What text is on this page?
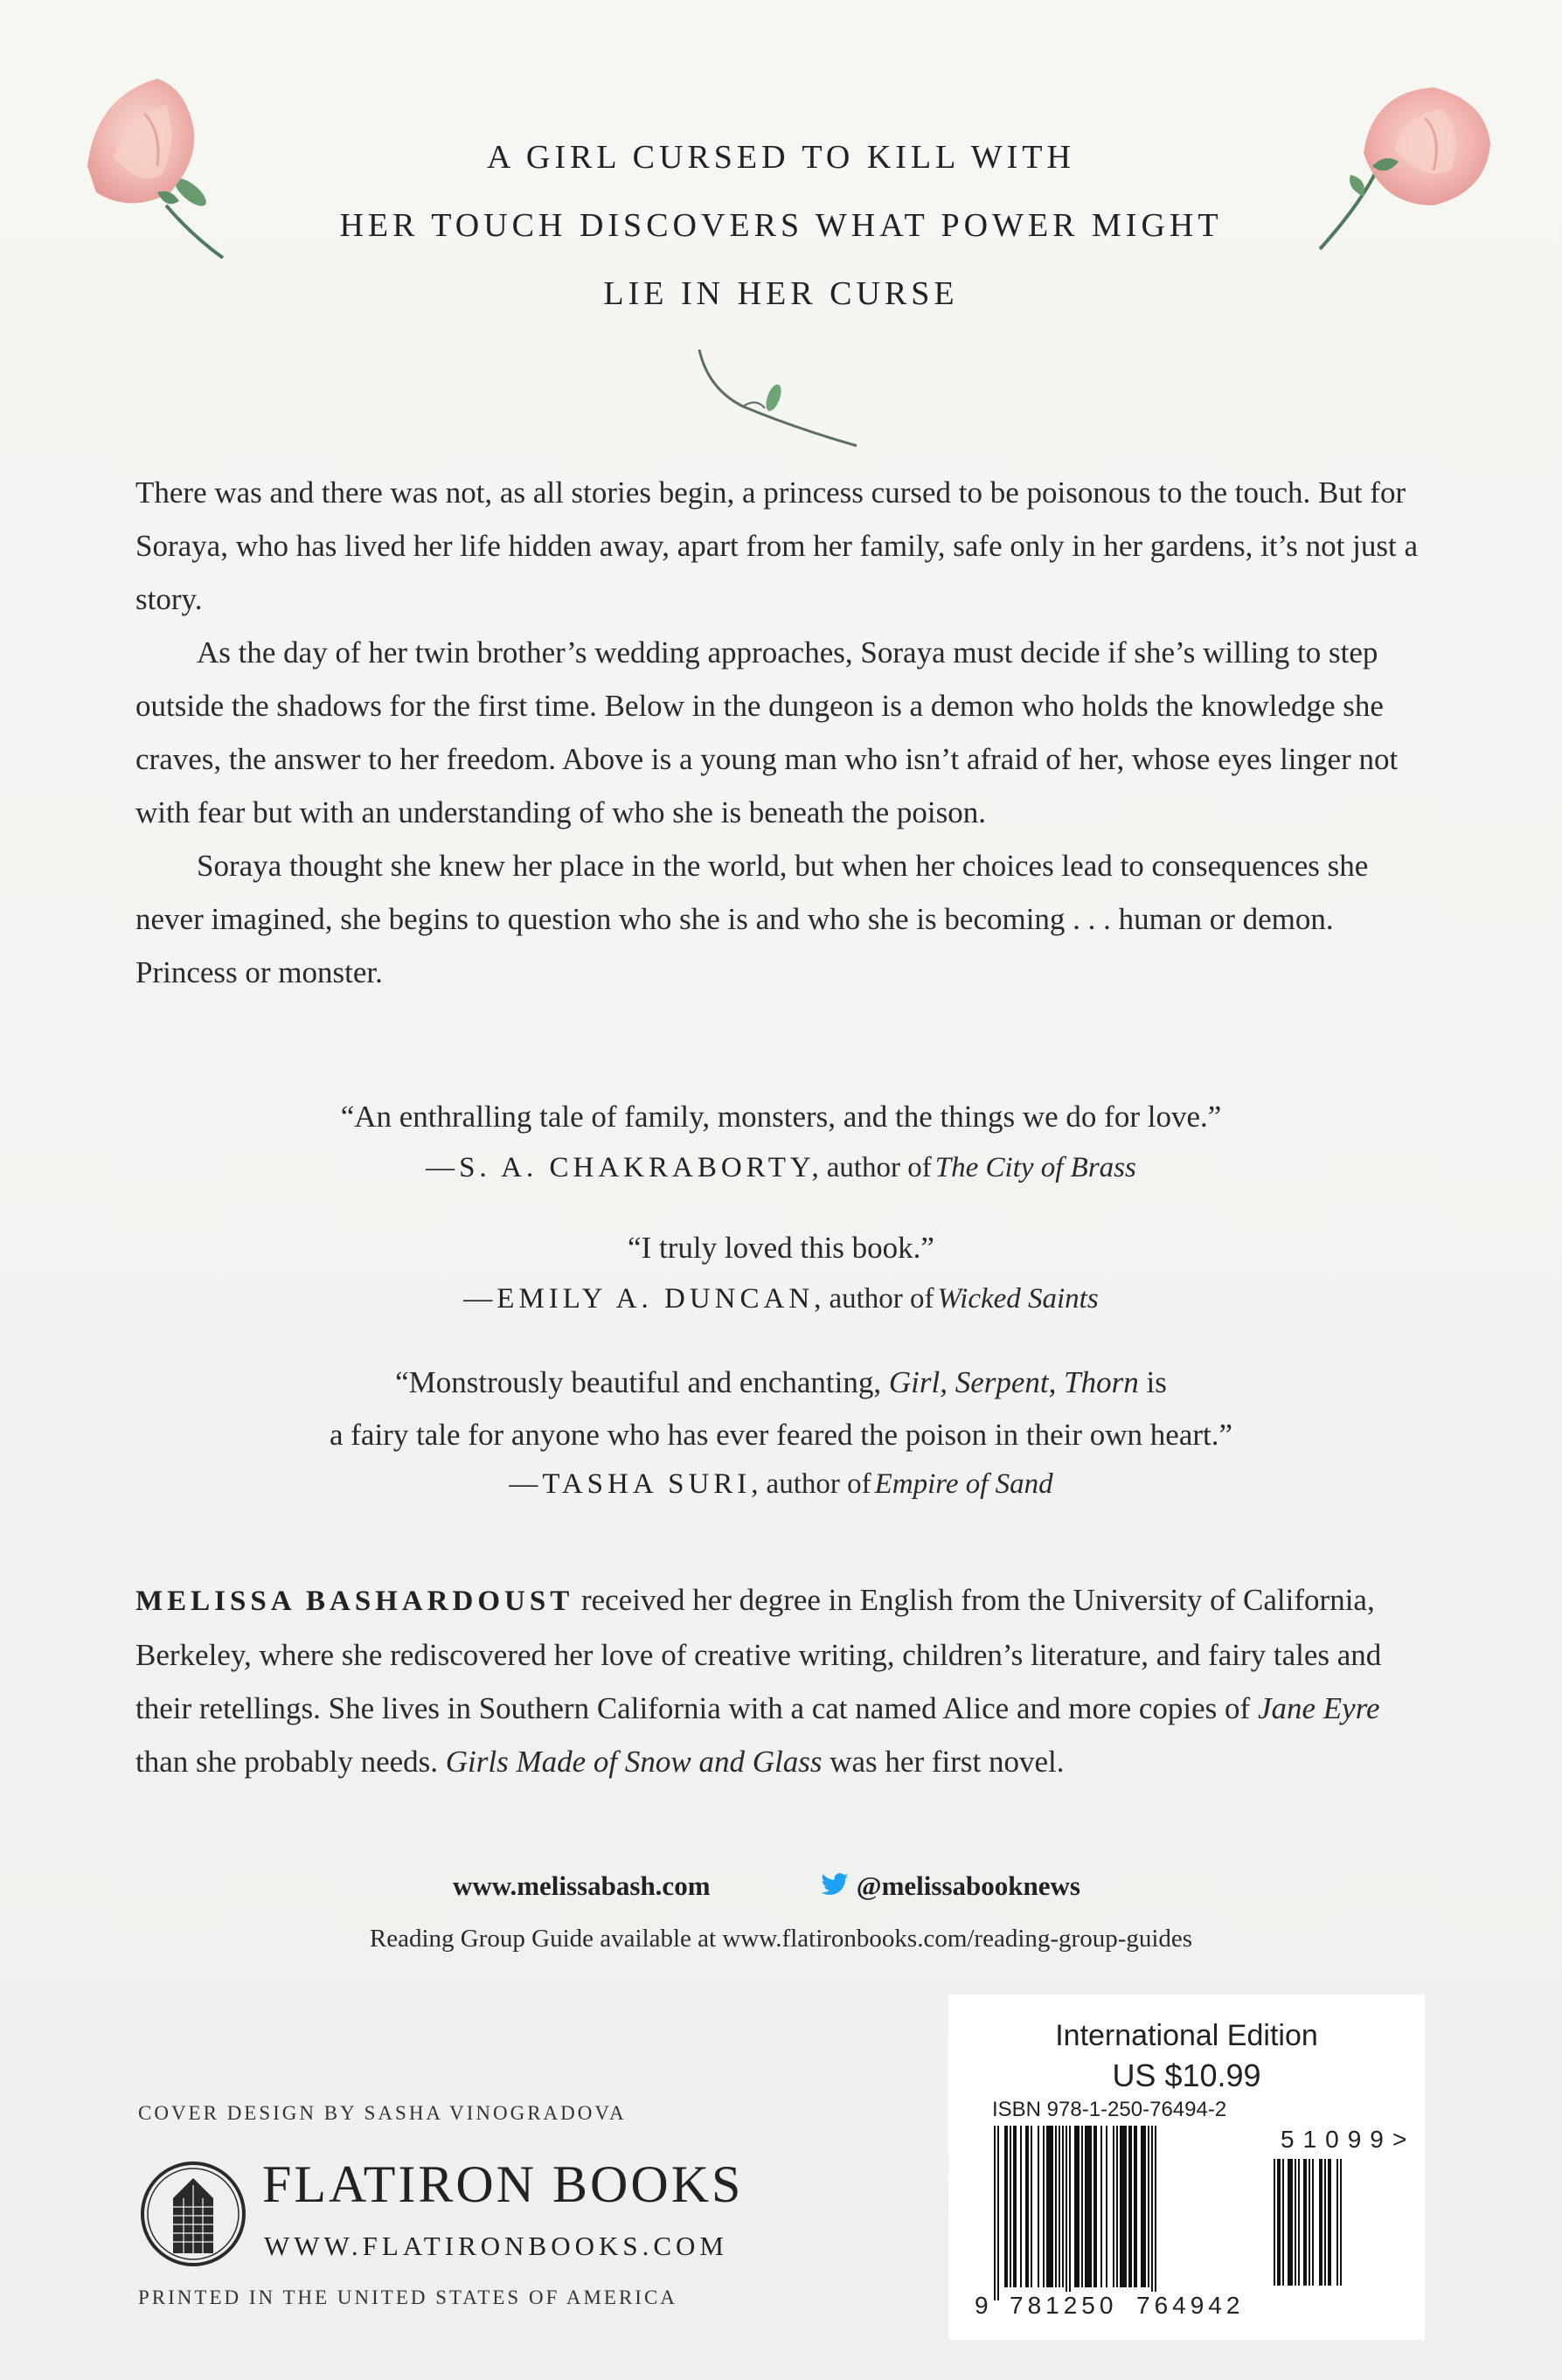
A GIRL CURSED TO KILL WITH
HER TOUCH DISCOVERS WHAT POWER MIGHT
LIE IN HER CURSE

There was and there was not, as all stories begin, a princess cursed to be poisonous to the touch. But for Soraya, who has lived her life hidden away, apart from her family, safe only in her gardens, it’s not just a story.

As the day of her twin brother’s wedding approaches, Soraya must decide if she’s willing to step outside the shadows for the first time. Below in the dungeon is a demon who holds the knowledge she craves, the answer to her freedom. Above is a young man who isn’t afraid of her, whose eyes linger not with fear but with an understanding of who she is beneath the poison.

Soraya thought she knew her place in the world, but when her choices lead to consequences she never imagined, she begins to question who she is and who she is becoming . . . human or demon. Princess or monster.

“An enthralling tale of family, monsters, and the things we do for love.”
—S. A. CHAKRABORTY, author of The City of Brass
“I truly loved this book.”
—EMILY A. DUNCAN, author of Wicked Saints
“Monstrously beautiful and enchanting, Girl, Serpent, Thorn is
a fairy tale for anyone who has ever feared the poison in their own heart.”
—TASHA SURI, author of Empire of Sand
MELISSA BASHARDOUST received her degree in English from the University of California, Berkeley, where she rediscovered her love of creative writing, children’s literature, and fairy tales and their retellings. She lives in Southern California with a cat named Alice and more copies of Jane Eyre than she probably needs. Girls Made of Snow and Glass was her first novel.
www.melissabash.com	@melissabooknews
Reading Group Guide available at www.flatironbooks.com/reading-group-guides
COVER DESIGN BY SASHA VINOGRADOVA
FLATIRON BOOKS
WWW.FLATIRONBOOKS.COM
PRINTED IN THE UNITED STATES OF AMERICA
International Edition
US $10.99
ISBN 978-1-250-76494-2
51099 >
9 781250 764942
